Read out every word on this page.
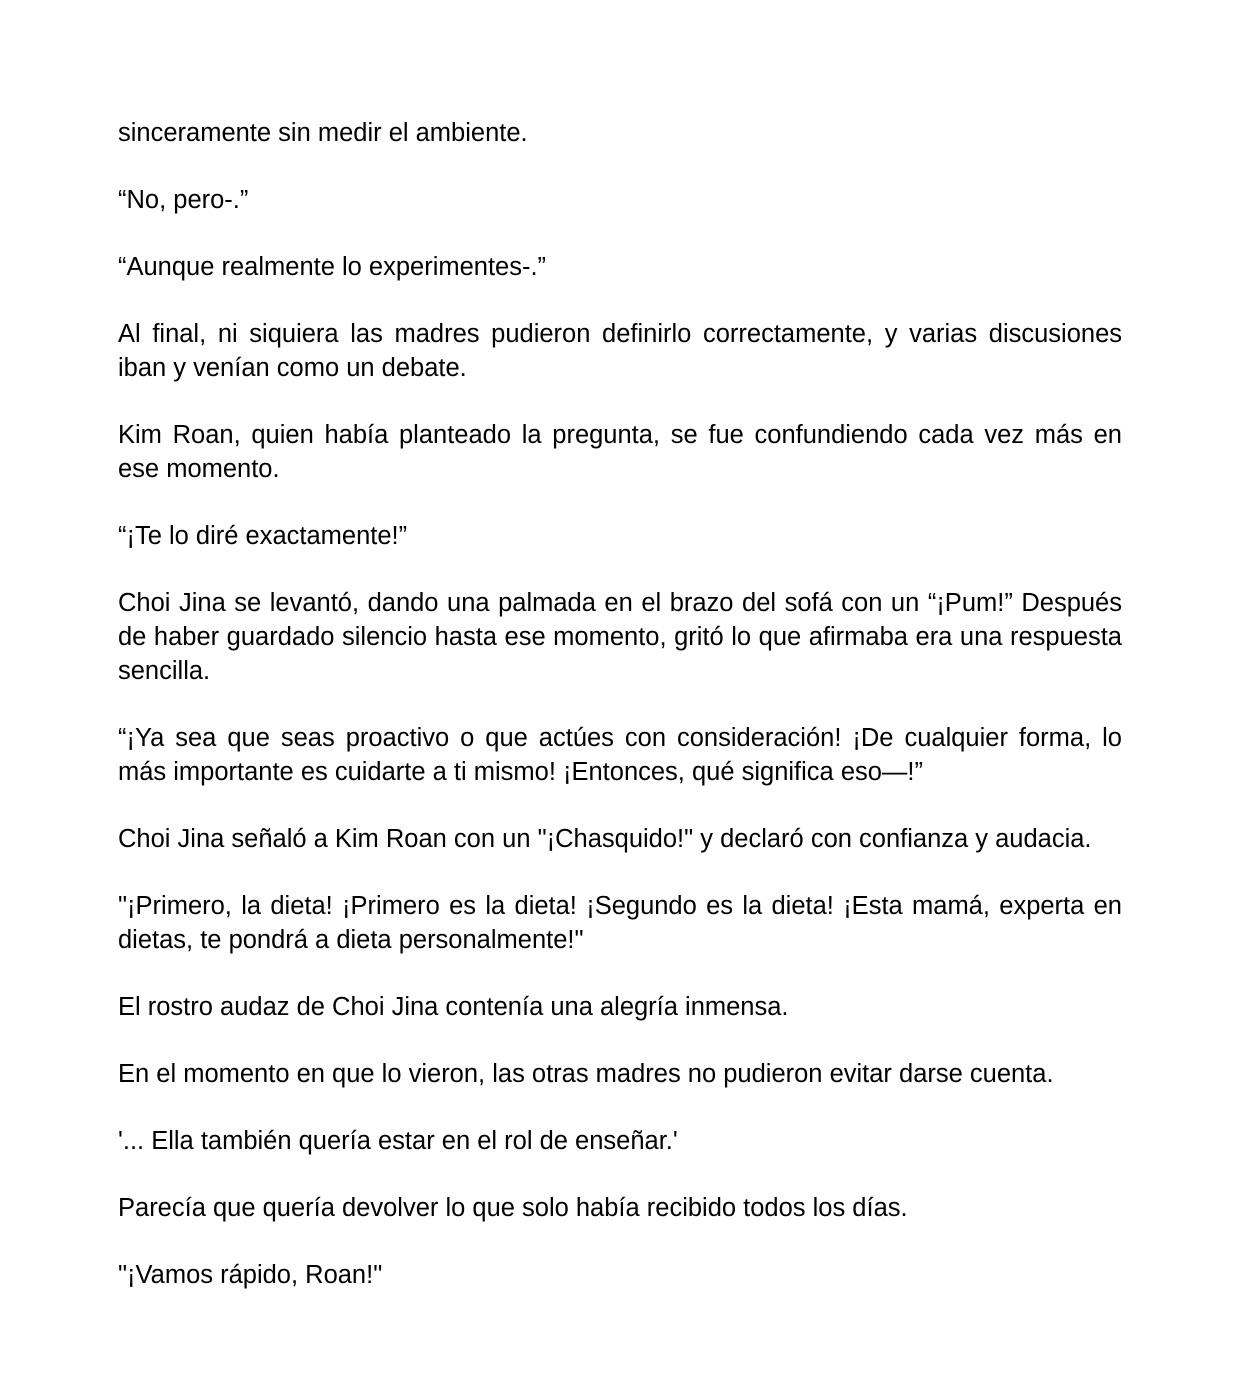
sinceramente sin medir el ambiente.

“No, pero-.”

“Aunque realmente lo experimentes-.”

Al final, ni siquiera las madres pudieron definirlo correctamente, y varias discusiones iban y venían como un debate.

Kim Roan, quien había planteado la pregunta, se fue confundiendo cada vez más en ese momento.

“¡Te lo diré exactamente!”

Choi Jina se levantó, dando una palmada en el brazo del sofá con un “¡Pum!” Después de haber guardado silencio hasta ese momento, gritó lo que afirmaba era una respuesta sencilla.

“¡Ya sea que seas proactivo o que actúes con consideración! ¡De cualquier forma, lo más importante es cuidarte a ti mismo! ¡Entonces, qué significa eso—!”

Choi Jina señaló a Kim Roan con un "¡Chasquido!" y declaró con confianza y audacia.

"¡Primero, la dieta! ¡Primero es la dieta! ¡Segundo es la dieta! ¡Esta mamá, experta en dietas, te pondrá a dieta personalmente!"

El rostro audaz de Choi Jina contenía una alegría inmensa.

En el momento en que lo vieron, las otras madres no pudieron evitar darse cuenta.

'... Ella también quería estar en el rol de enseñar.'

Parecía que quería devolver lo que solo había recibido todos los días.

"¡Vamos rápido, Roan!"
